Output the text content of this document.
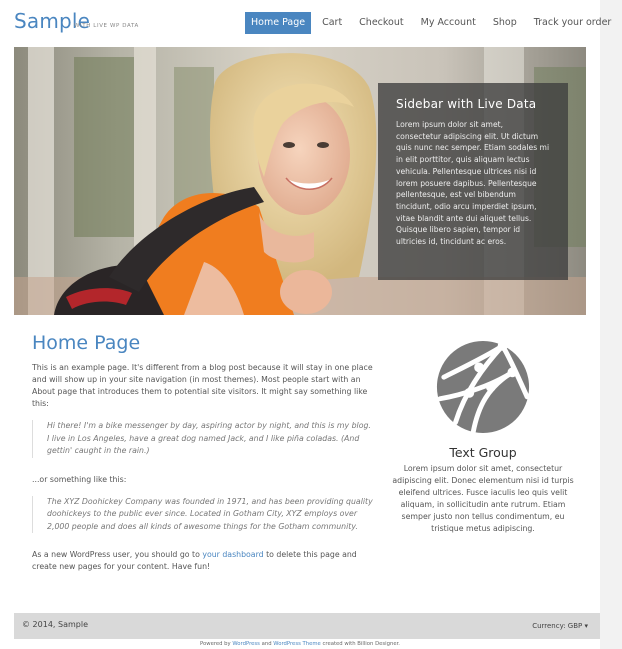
Sample
WITH LIVE WP DATA	Home Page	Cart	Checkout	My Account	Shop	Track your order
Sidebar with Live Data

Lorem ipsum dolor sit amet, consectetur adipiscing elit. Ut dictum quis nunc nec semper. Etiam sodales mi in elit porttitor, quis aliquam lectus vehicula. Pellentesque ultrices nisi id lorem posuere dapibus. Pellentesque pellentesque, est vel bibendum tincidunt, odio arcu imperdiet ipsum, vitae blandit ante dui aliquet tellus. Quisque libero sapien, tempor id ultricies id, tincidunt ac eros.

Home Page

This is an example page. It's different from a blog post because it will stay in one place and will show up in your site navigation (in most themes). Most people start with an About page that introduces them to potential site visitors. It might say something like this:

Hi there! I'm a bike messenger by day, aspiring actor by night, and this is my blog. I live in Los Angeles, have a great dog named Jack, and I like piña coladas. (And gettin' caught in the rain.)

...or something like this:

The XYZ Doohickey Company was founded in 1971, and has been providing quality doohickeys to the public ever since. Located in Gotham City, XYZ employs over 2,000 people and does all kinds of awesome things for the Gotham community.

As a new WordPress user, you should go to your dashboard to delete this page and create new pages for your content. Have fun!

Text Group

Lorem ipsum dolor sit amet, consectetur adipiscing elit. Donec elementum nisi id turpis eleifend ultrices. Fusce iaculis leo quis velit aliquam, in sollicitudin ante rutrum. Etiam semper justo non tellus condimentum, eu tristique metus adipiscing.

© 2014, Sample	Currency: GBP ▾
Powered by WordPress and WordPress Theme created with Billion Designer.
